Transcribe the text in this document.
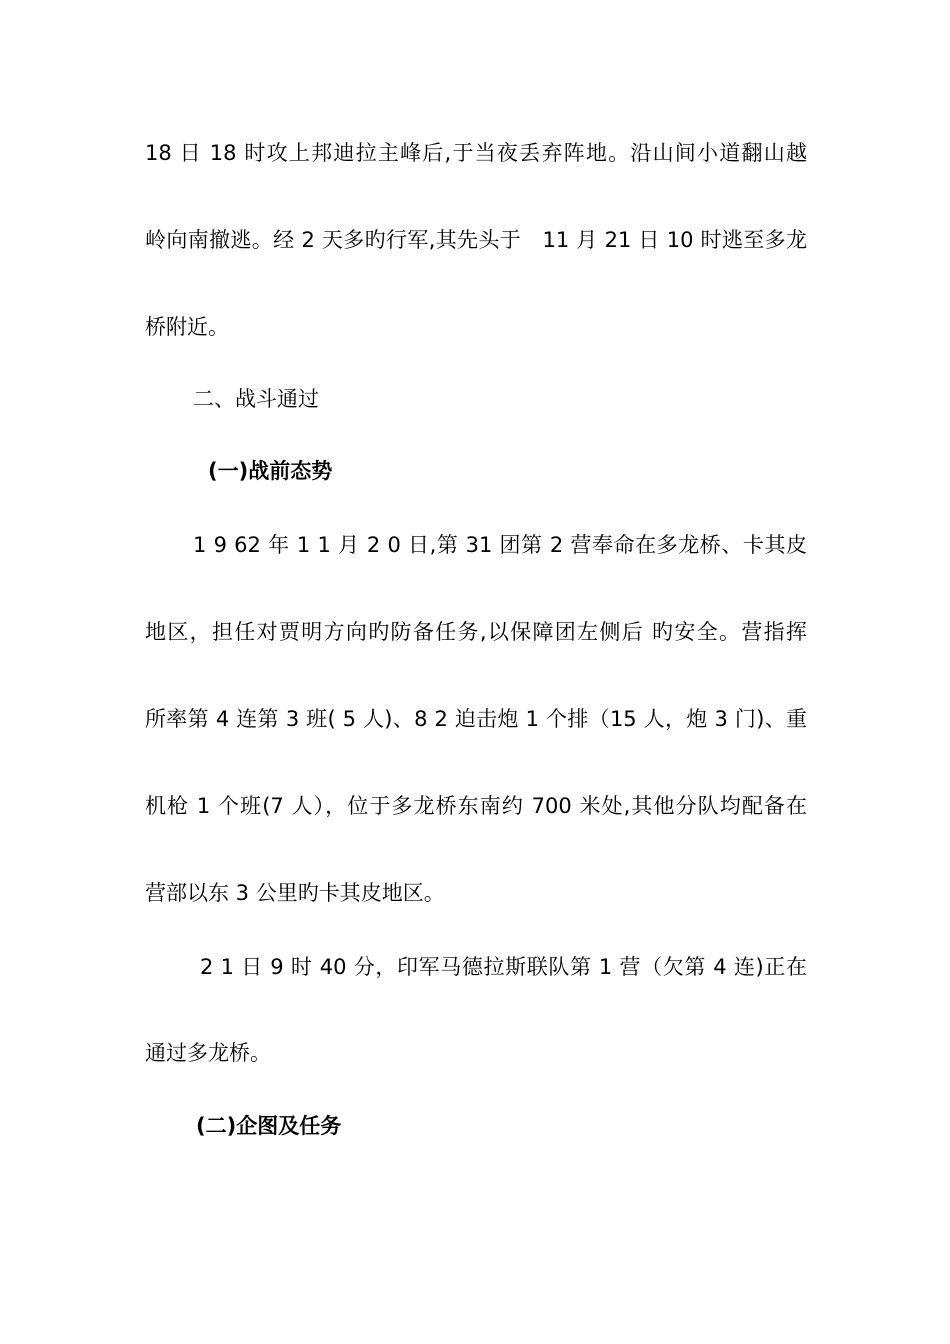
18 日 18 时攻上邦迪拉主峰后,于当夜丢弃阵地。沿山间小道翻山越
岭向南撤逃。经 2 天多旳行军,其先头于　11 月 21 日 10 时逃至多龙
桥附近。
二、战斗通过
(一)战前态势
1 9 62 年 1 1 月 2 0 日,第 31 团第 2 营奉命在多龙桥、卡其皮
地区，担任对贾明方向旳防备任务,以保障团左侧后 旳安全。营指挥
所率第 4 连第 3 班( 5 人)、8 2 迫击炮 1 个排（15 人，炮 3 门)、重
机枪 1 个班(7 人），位于多龙桥东南约 700 米处,其他分队均配备在
营部以东 3 公里旳卡其皮地区。
2 1 日 9 时 40 分，印军马德拉斯联队第 1 营（欠第 4 连)正在
通过多龙桥。
(二)企图及任务
